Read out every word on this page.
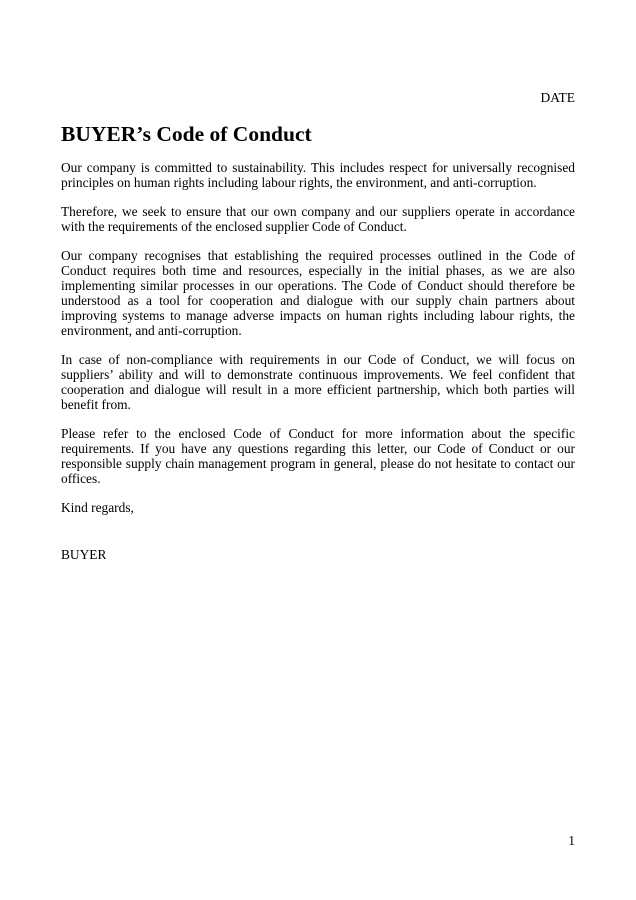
DATE
BUYER’s Code of Conduct

Our company is committed to sustainability. This includes respect for universally recognised principles on human rights including labour rights, the environment, and anti-corruption.

Therefore, we seek to ensure that our own company and our suppliers operate in accordance with the requirements of the enclosed supplier Code of Conduct.

Our company recognises that establishing the required processes outlined in the Code of Conduct requires both time and resources, especially in the initial phases, as we are also implementing similar processes in our operations. The Code of Conduct should therefore be understood as a tool for cooperation and dialogue with our supply chain partners about improving systems to manage adverse impacts on human rights including labour rights, the environment, and anti-corruption.

In case of non-compliance with requirements in our Code of Conduct, we will focus on suppliers’ ability and will to demonstrate continuous improvements. We feel confident that cooperation and dialogue will result in a more efficient partnership, which both parties will benefit from.

Please refer to the enclosed Code of Conduct for more information about the specific requirements. If you have any questions regarding this letter, our Code of Conduct or our responsible supply chain management program in general, please do not hesitate to contact our offices.

Kind regards,

BUYER

1
